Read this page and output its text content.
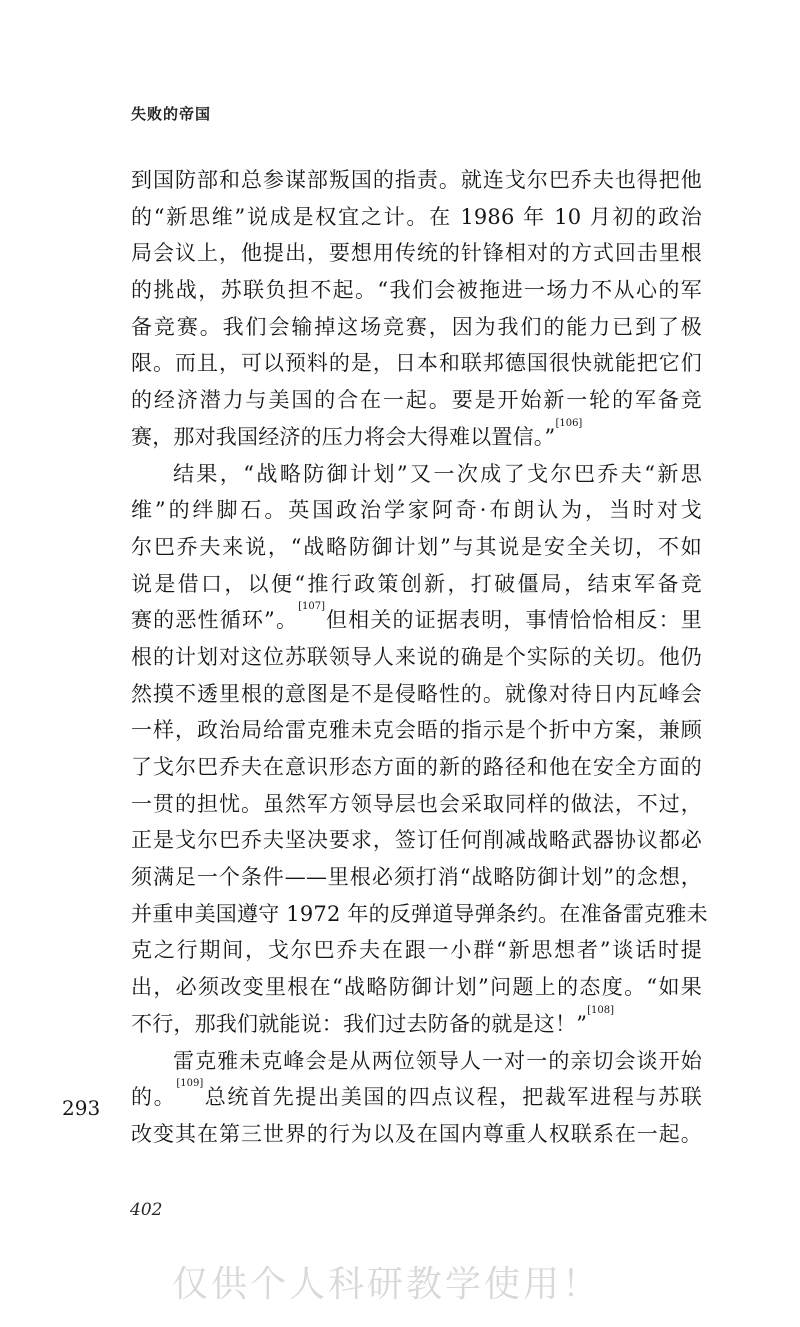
失败的帝国
到国防部和总参谋部叛国的指责。就连戈尔巴乔夫也得把他
的“新思维”说成是权宜之计。在 1986 年 10 月初的政治
局会议上，他提出，要想用传统的针锋相对的方式回击里根
的挑战，苏联负担不起。“我们会被拖进一场力不从心的军
备竞赛。我们会输掉这场竞赛，因为我们的能力已到了极
限。而且，可以预料的是，日本和联邦德国很快就能把它们
的经济潜力与美国的合在一起。要是开始新一轮的军备竞
赛，那对我国经济的压力将会大得难以置信。”[106]
结果，“战略防御计划”又一次成了戈尔巴乔夫“新思
维”的绊脚石。英国政治学家阿奇·布朗认为，当时对戈
尔巴乔夫来说，“战略防御计划”与其说是安全关切，不如
说是借口，以便“推行政策创新，打破僵局，结束军备竞
赛的恶性循环”。[107]但相关的证据表明，事情恰恰相反：里
根的计划对这位苏联领导人来说的确是个实际的关切。他仍
然摸不透里根的意图是不是侵略性的。就像对待日内瓦峰会
一样，政治局给雷克雅未克会晤的指示是个折中方案，兼顾
了戈尔巴乔夫在意识形态方面的新的路径和他在安全方面的
一贯的担忧。虽然军方领导层也会采取同样的做法，不过，
正是戈尔巴乔夫坚决要求，签订任何削减战略武器协议都必
须满足一个条件——里根必须打消“战略防御计划”的念想，
并重申美国遵守 1972 年的反弹道导弹条约。在准备雷克雅未
克之行期间，戈尔巴乔夫在跟一小群“新思想者”谈话时提
出，必须改变里根在“战略防御计划”问题上的态度。“如果
不行，那我们就能说：我们过去防备的就是这！”[108]
雷克雅未克峰会是从两位领导人一对一的亲切会谈开始
的。[109]总统首先提出美国的四点议程，把裁军进程与苏联
改变其在第三世界的行为以及在国内尊重人权联系在一起。
293
402
仅供个人科研教学使用！
